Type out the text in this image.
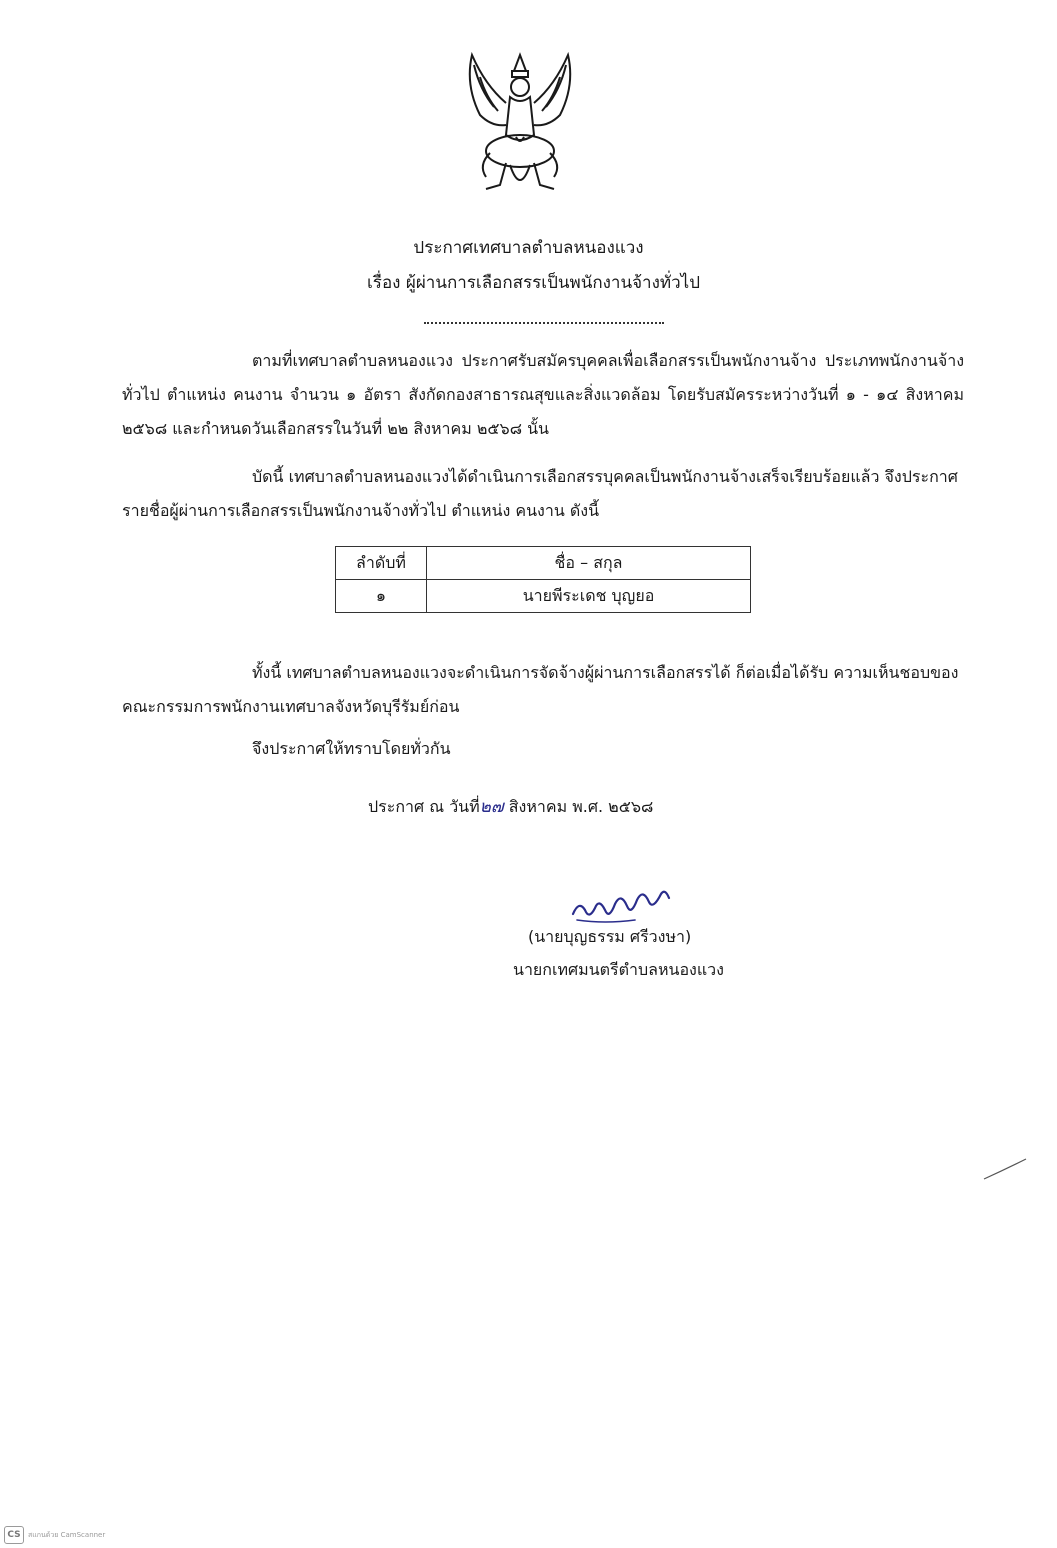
ประกาศเทศบาลตำบลหนองแวง
เรื่อง ผู้ผ่านการเลือกสรรเป็นพนักงานจ้างทั่วไป
ตามที่เทศบาลตำบลหนองแวง ประกาศรับสมัครบุคคลเพื่อเลือกสรรเป็นพนักงานจ้าง ประเภทพนักงานจ้างทั่วไป ตำแหน่ง คนงาน จำนวน ๑ อัตรา สังกัดกองสาธารณสุขและสิ่งแวดล้อม โดยรับสมัครระหว่างวันที่ ๑ - ๑๔ สิงหาคม ๒๕๖๘ และกำหนดวันเลือกสรรในวันที่ ๒๒ สิงหาคม ๒๕๖๘ นั้น
บัดนี้ เทศบาลตำบลหนองแวงได้ดำเนินการเลือกสรรบุคคลเป็นพนักงานจ้างเสร็จเรียบร้อยแล้ว จึงประกาศรายชื่อผู้ผ่านการเลือกสรรเป็นพนักงานจ้างทั่วไป ตำแหน่ง คนงาน ดังนี้
ลำดับที่	ชื่อ – สกุล
๑	นายพีระเดช บุญยอ
ทั้งนี้ เทศบาลตำบลหนองแวงจะดำเนินการจัดจ้างผู้ผ่านการเลือกสรรได้ ก็ต่อเมื่อได้รับ ความเห็นชอบของคณะกรรมการพนักงานเทศบาลจังหวัดบุรีรัมย์ก่อน
จึงประกาศให้ทราบโดยทั่วกัน
ประกาศ ณ วันที่๒๗ สิงหาคม พ.ศ. ๒๕๖๘
(นายบุญธรรม ศรีวงษา)
นายกเทศมนตรีตำบลหนองแวง
CS	สแกนด้วย CamScanner
